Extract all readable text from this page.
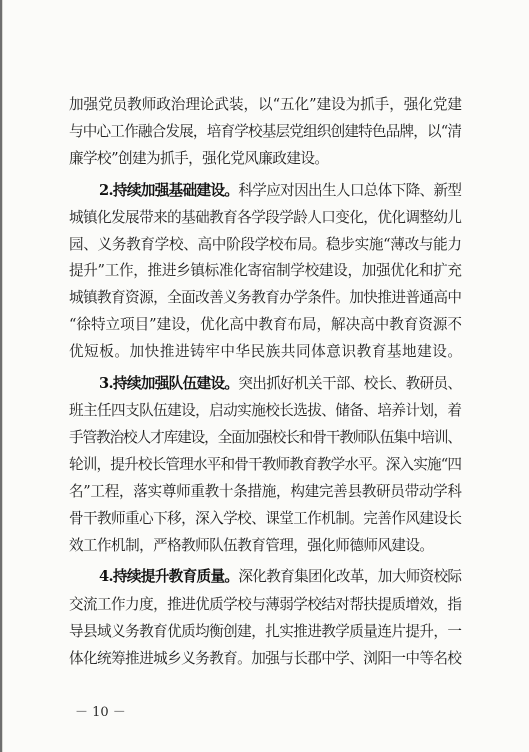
加强党员教师政治理论武装，以“五化”建设为抓手，强化党建
与中心工作融合发展，培育学校基层党组织创建特色品牌，以“清
廉学校”创建为抓手，强化党风廉政建设。
2.持续加强基础建设。科学应对因出生人口总体下降、新型
城镇化发展带来的基础教育各学段学龄人口变化，优化调整幼儿
园、义务教育学校、高中阶段学校布局。稳步实施“薄改与能力
提升”工作，推进乡镇标准化寄宿制学校建设，加强优化和扩充
城镇教育资源，全面改善义务教育办学条件。加快推进普通高中
“徐特立项目”建设，优化高中教育布局，解决高中教育资源不
优短板。加快推进铸牢中华民族共同体意识教育基地建设。
3.持续加强队伍建设。突出抓好机关干部、校长、教研员、
班主任四支队伍建设，启动实施校长选拔、储备、培养计划，着
手管教治校人才库建设，全面加强校长和骨干教师队伍集中培训、
轮训，提升校长管理水平和骨干教师教育教学水平。深入实施“四
名”工程，落实尊师重教十条措施，构建完善县教研员带动学科
骨干教师重心下移，深入学校、课堂工作机制。完善作风建设长
效工作机制，严格教师队伍教育管理，强化师德师风建设。
4.持续提升教育质量。深化教育集团化改革，加大师资校际
交流工作力度，推进优质学校与薄弱学校结对帮扶提质增效，指
导县域义务教育优质均衡创建，扎实推进教学质量连片提升，一
体化统筹推进城乡义务教育。加强与长郡中学、浏阳一中等名校
－ 10 －
